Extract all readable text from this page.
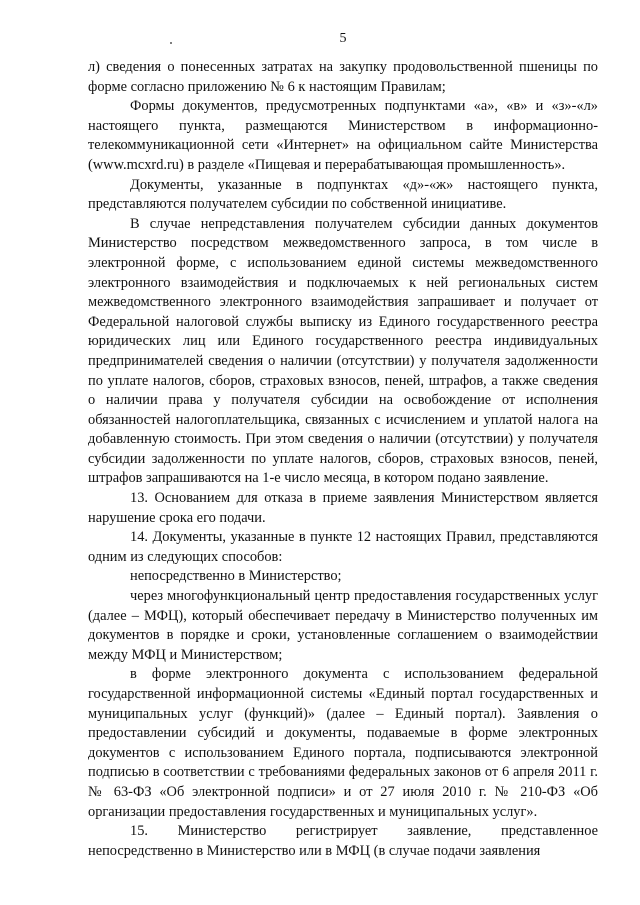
5

л) сведения о понесенных затратах на закупку продовольственной пшеницы по форме согласно приложению № 6 к настоящим Правилам;

Формы документов, предусмотренных подпунктами «а», «в» и «з»-«л» настоящего пункта, размещаются Министерством в информационно-телекоммуникационной сети «Интернет» на официальном сайте Министерства (www.mcxrd.ru) в разделе «Пищевая и перерабатывающая промышленность».

Документы, указанные в подпунктах «д»-«ж» настоящего пункта, представляются получателем субсидии по собственной инициативе.

В случае непредставления получателем субсидии данных документов Министерство посредством межведомственного запроса, в том числе в электронной форме, с использованием единой системы межведомственного электронного взаимодействия и подключаемых к ней региональных систем межведомственного электронного взаимодействия запрашивает и получает от Федеральной налоговой службы выписку из Единого государственного реестра юридических лиц или Единого государственного реестра индивидуальных предпринимателей сведения о наличии (отсутствии) у получателя задолженности по уплате налогов, сборов, страховых взносов, пеней, штрафов, а также сведения о наличии права у получателя субсидии на освобождение от исполнения обязанностей налогоплательщика, связанных с исчислением и уплатой налога на добавленную стоимость. При этом сведения о наличии (отсутствии) у получателя субсидии задолженности по уплате налогов, сборов, страховых взносов, пеней, штрафов запрашиваются на 1-е число месяца, в котором подано заявление.

13. Основанием для отказа в приеме заявления Министерством является нарушение срока его подачи.

14. Документы, указанные в пункте 12 настоящих Правил, представляются одним из следующих способов:

непосредственно в Министерство;

через многофункциональный центр предоставления государственных услуг (далее – МФЦ), который обеспечивает передачу в Министерство полученных им документов в порядке и сроки, установленные соглашением о взаимодействии между МФЦ и Министерством;

в форме электронного документа с использованием федеральной государственной информационной системы «Единый портал государственных и муниципальных услуг (функций)» (далее – Единый портал). Заявления о предоставлении субсидий и документы, подаваемые в форме электронных документов с использованием Единого портала, подписываются электронной подписью в соответствии с требованиями федеральных законов от 6 апреля 2011 г. № 63-ФЗ «Об электронной подписи» и от 27 июля 2010 г. № 210-ФЗ «Об организации предоставления государственных и муниципальных услуг».

15. Министерство регистрирует заявление, представленное непосредственно в Министерство или в МФЦ (в случае подачи заявления
